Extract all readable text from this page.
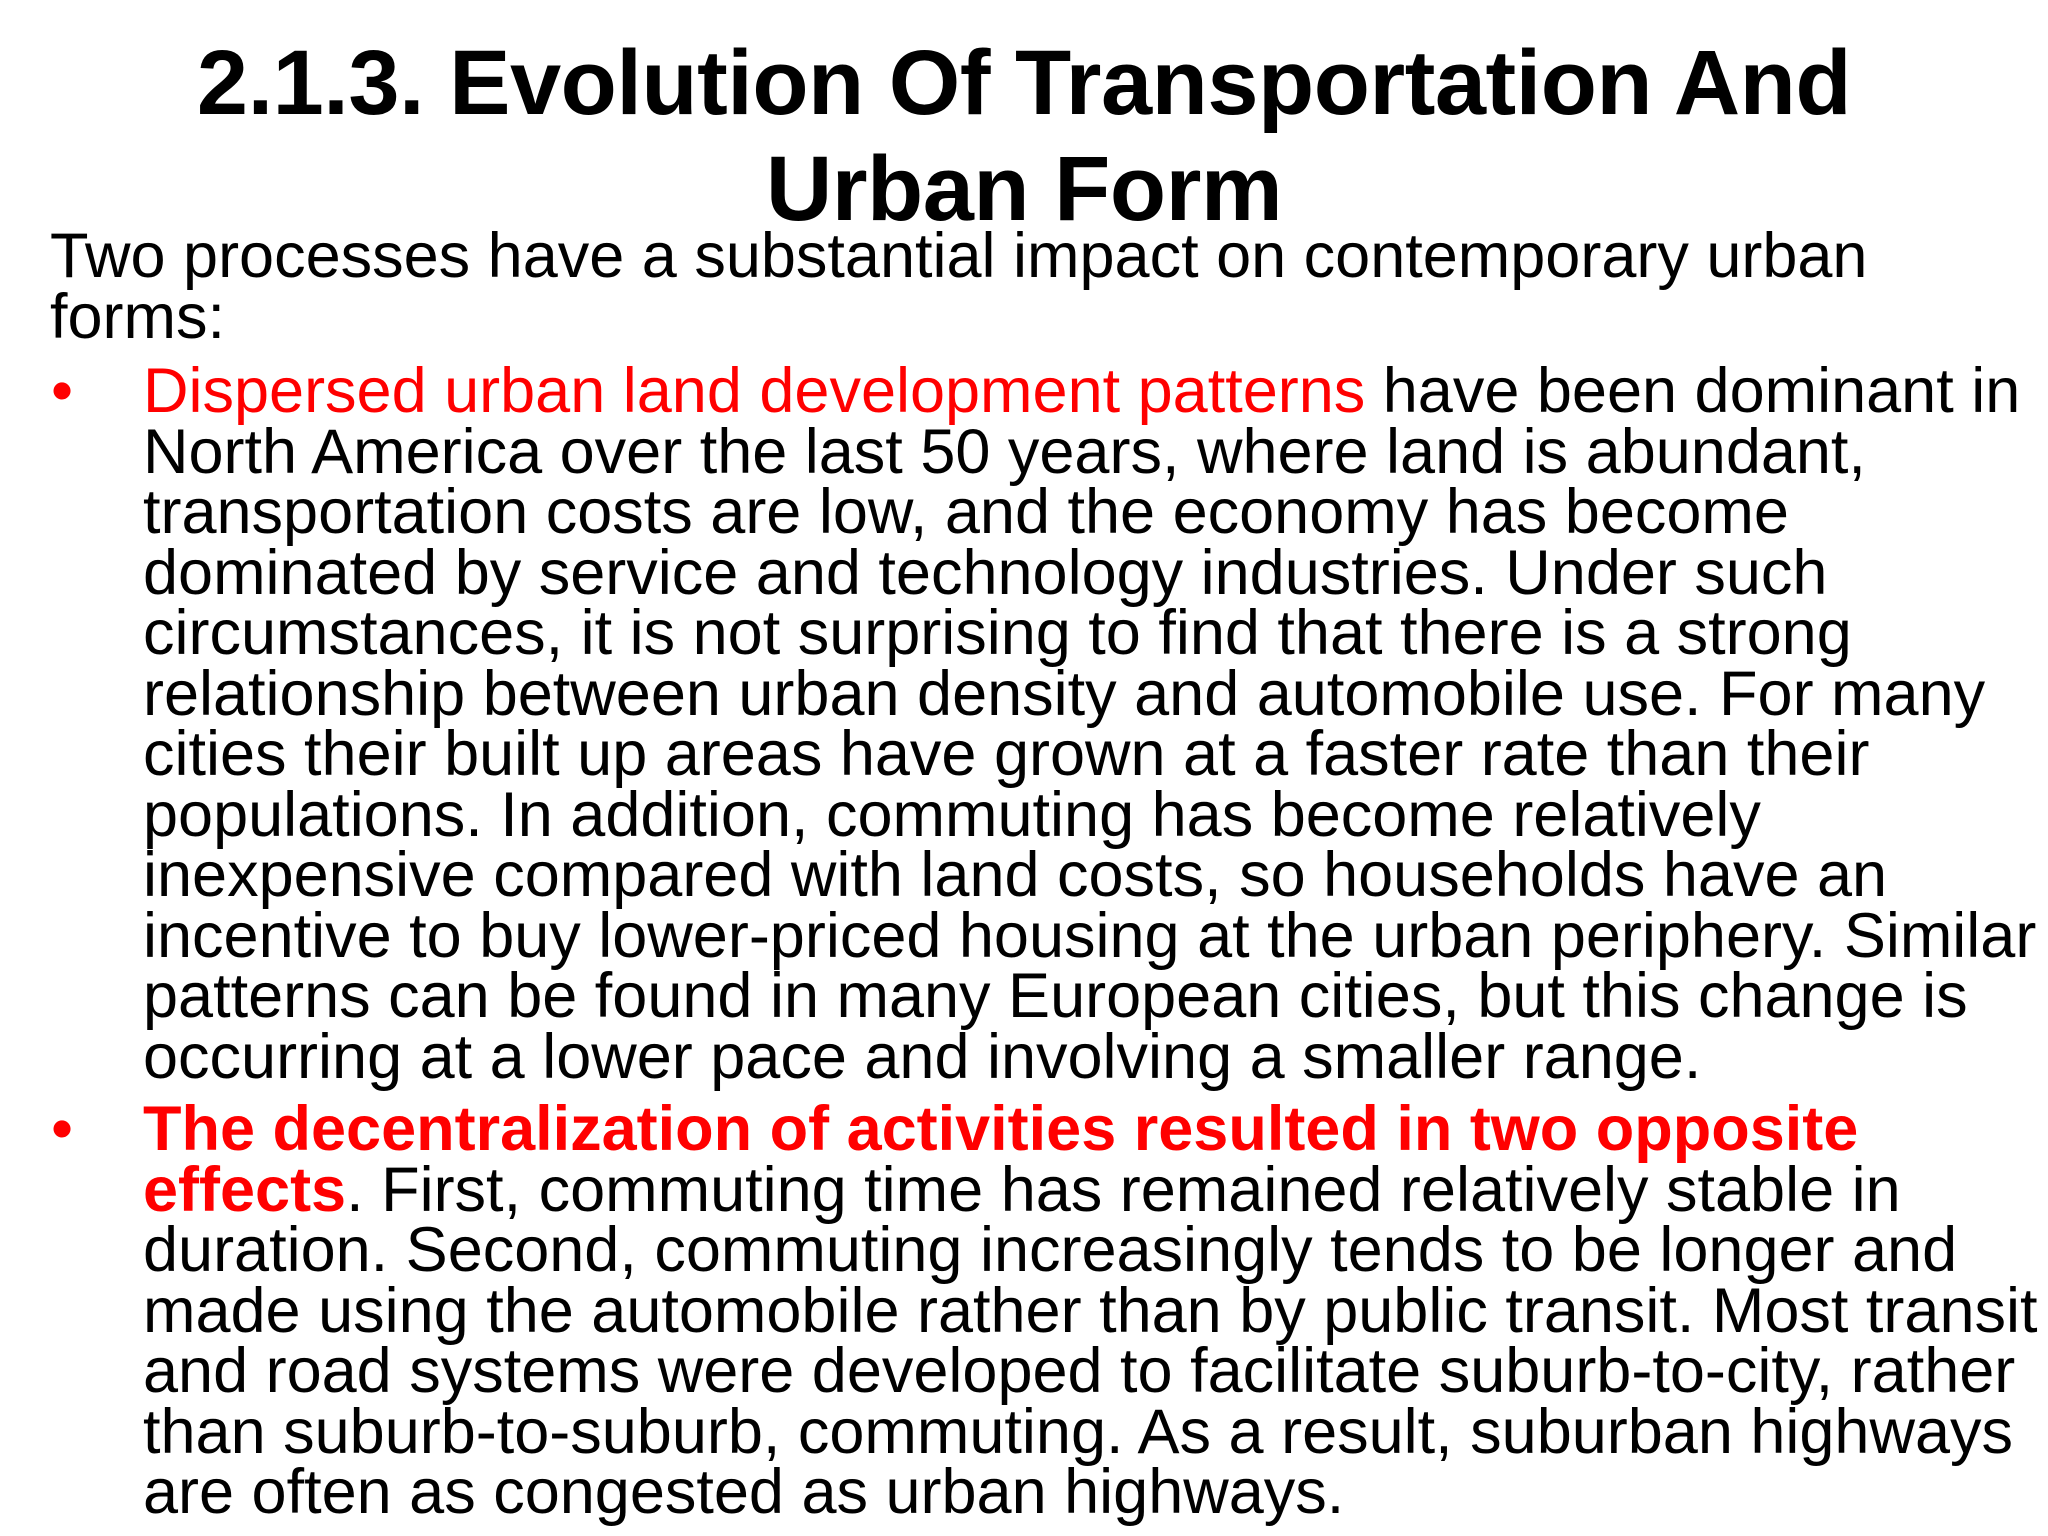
2.1.3. Evolution Of Transportation And
Urban Form

Two processes have a substantial impact on contemporary urban
forms:

• Dispersed urban land development patterns have been dominant in
North America over the last 50 years, where land is abundant,
transportation costs are low, and the economy has become
dominated by service and technology industries. Under such
circumstances, it is not surprising to find that there is a strong
relationship between urban density and automobile use. For many
cities their built up areas have grown at a faster rate than their
populations. In addition, commuting has become relatively
inexpensive compared with land costs, so households have an
incentive to buy lower-priced housing at the urban periphery. Similar
patterns can be found in many European cities, but this change is
occurring at a lower pace and involving a smaller range.
• The decentralization of activities resulted in two opposite
effects. First, commuting time has remained relatively stable in
duration. Second, commuting increasingly tends to be longer and
made using the automobile rather than by public transit. Most transit
and road systems were developed to facilitate suburb-to-city, rather
than suburb-to-suburb, commuting. As a result, suburban highways
are often as congested as urban highways.
